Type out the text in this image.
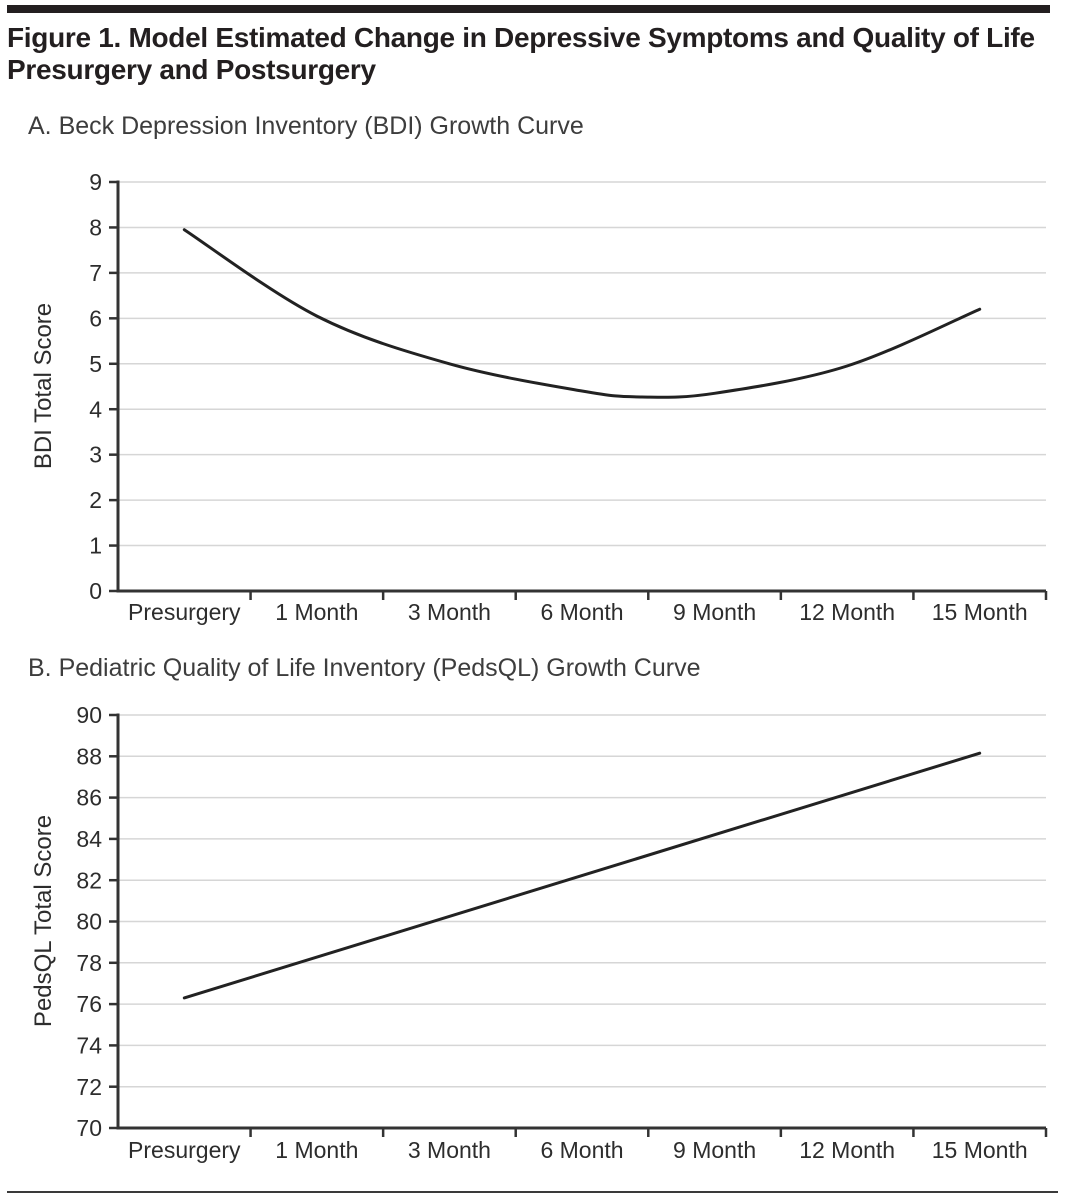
Figure 1. Model Estimated Change in Depressive Symptoms and Quality of Life
Presurgery and Postsurgery
A. Beck Depression Inventory (BDI) Growth Curve
BDI Total Score
0
1
2
3
4
5
6
7
8
9
Presurgery 1 Month 3 Month 6 Month 9 Month 12 Month 15 Month
B. Pediatric Quality of Life Inventory (PedsQL) Growth Curve
PedsQL Total Score
70
72
74
76
78
80
82
84
86
88
90
Presurgery 1 Month 3 Month 6 Month 9 Month 12 Month 15 Month
